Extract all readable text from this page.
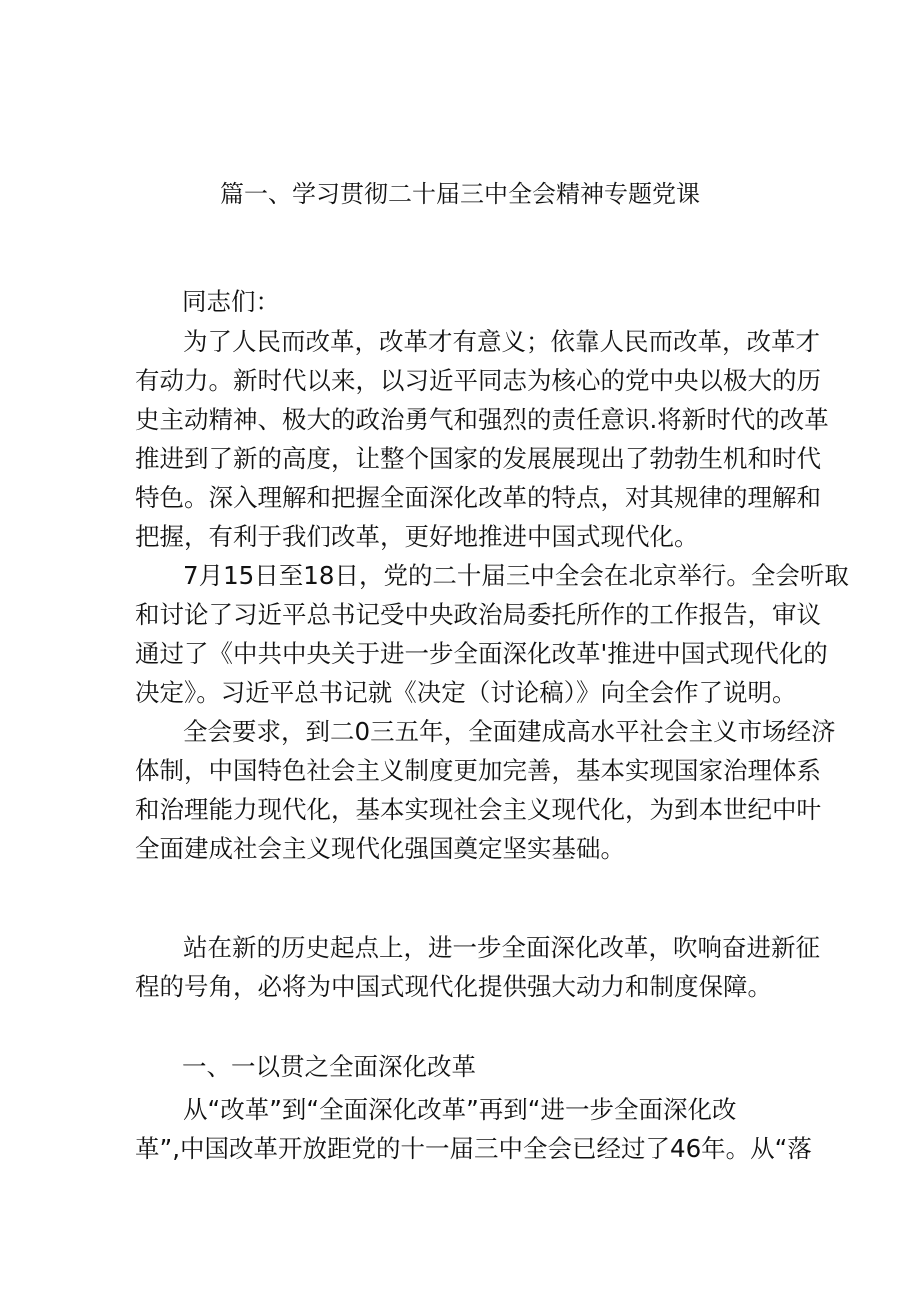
篇一、学习贯彻二十届三中全会精神专题党课
同志们：

为了人民而改革，改革才有意义；依靠人民而改革，改革才
有动力。新时代以来，以习近平同志为核心的党中央以极大的历
史主动精神、极大的政治勇气和强烈的责任意识.将新时代的改革
推进到了新的高度，让整个国家的发展展现出了勃勃生机和时代
特色。深入理解和把握全面深化改革的特点，对其规律的理解和
把握，有利于我们改革，更好地推进中国式现代化。

7月15日至18日，党的二十届三中全会在北京举行。全会听取
和讨论了习近平总书记受中央政治局委托所作的工作报告，审议
通过了《中共中央关于进一步全面深化改革'推进中国式现代化的
决定》。习近平总书记就《决定（讨论稿）》向全会作了说明。

全会要求，到二0三五年，全面建成高水平社会主义市场经济
体制，中国特色社会主义制度更加完善，基本实现国家治理体系
和治理能力现代化，基本实现社会主义现代化，为到本世纪中叶
全面建成社会主义现代化强国奠定坚实基础。

站在新的历史起点上，进一步全面深化改革，吹响奋进新征
程的号角，必将为中国式现代化提供强大动力和制度保障。

一、一以贯之全面深化改革

从“改革”到“全面深化改革”再到“进一步全面深化改
革”,中国改革开放距党的十一届三中全会已经过了46年。从“落
